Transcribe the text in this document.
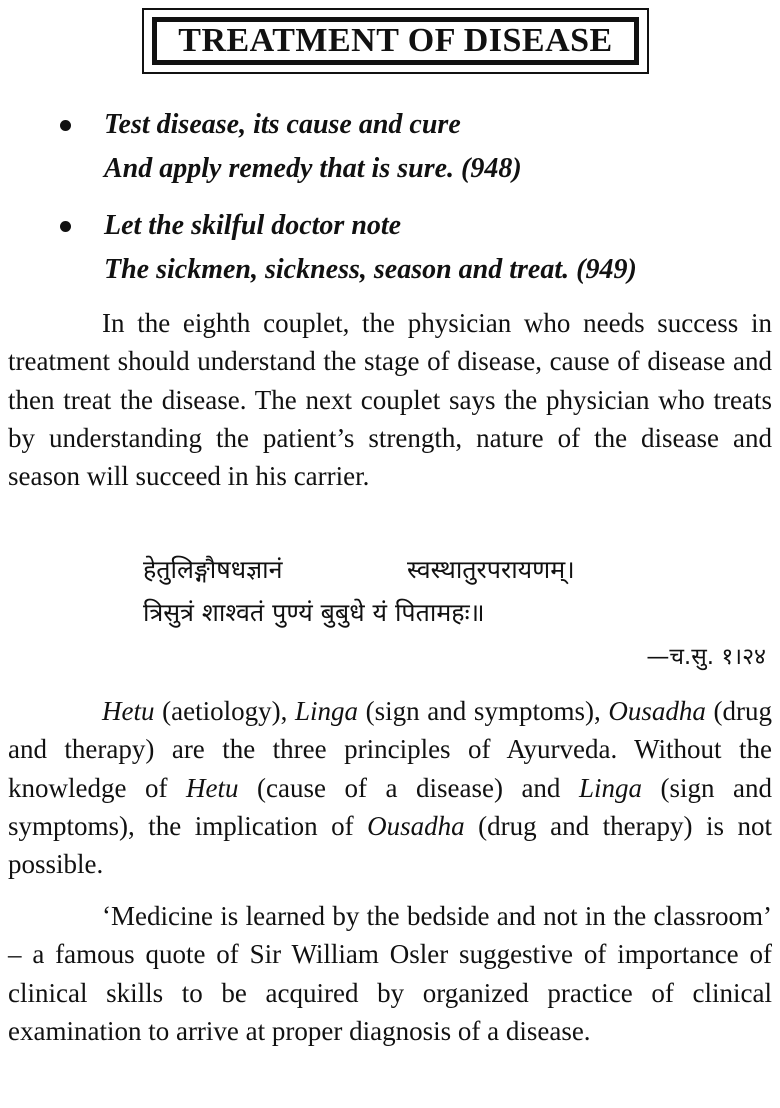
TREATMENT OF DISEASE
Test disease, its cause and cure
And apply remedy that is sure. (948)
Let the skilful doctor note
The sickmen, sickness, season and treat. (949)

In the eighth couplet, the physician who needs success in treatment should understand the stage of disease, cause of disease and then treat the disease. The next couplet says the physician who treats by understanding the patient’s strength, nature of the disease and season will succeed in his carrier.

हेतुलिङ्गौषधज्ञानं	स्वस्थातुरपरायणम्।
त्रिसुत्रं शाश्वतं पुण्यं बुबुधे यं पितामहः॥
—च.सु. १।२४

Hetu (aetiology), Linga (sign and symptoms), Ousadha (drug and therapy) are the three principles of Ayurveda. Without the knowledge of Hetu (cause of a disease) and Linga (sign and symptoms), the implication of Ousadha (drug and therapy) is not possible.

‘Medicine is learned by the bedside and not in the classroom’ – a famous quote of Sir William Osler suggestive of importance of clinical skills to be acquired by organized practice of clinical examination to arrive at proper diagnosis of a disease.
